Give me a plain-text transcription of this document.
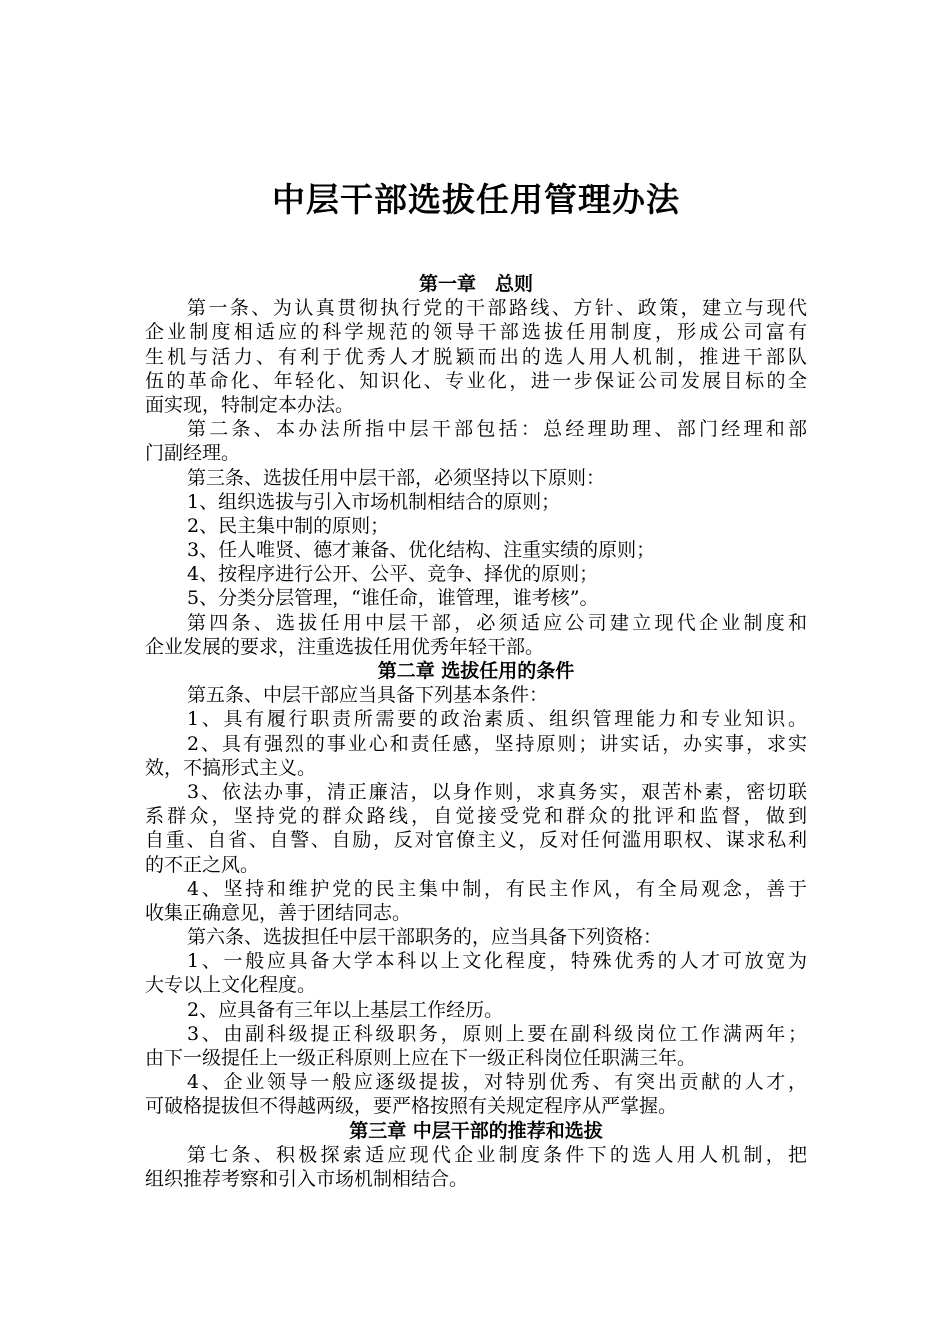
中层干部选拔任用管理办法
第一章　总则
第一条、为认真贯彻执行党的干部路线、方针、政策，建立与现代
企业制度相适应的科学规范的领导干部选拔任用制度，形成公司富有
生机与活力、有利于优秀人才脱颖而出的选人用人机制，推进干部队
伍的革命化、年轻化、知识化、专业化，进一步保证公司发展目标的全
面实现，特制定本办法。
第二条、本办法所指中层干部包括：总经理助理、部门经理和部
门副经理。
第三条、选拔任用中层干部，必须坚持以下原则：
1、组织选拔与引入市场机制相结合的原则；
2、民主集中制的原则；
3、任人唯贤、德才兼备、优化结构、注重实绩的原则；
4、按程序进行公开、公平、竞争、择优的原则；
5、分类分层管理，“谁任命，谁管理，谁考核”。
第四条、选拔任用中层干部，必须适应公司建立现代企业制度和
企业发展的要求，注重选拔任用优秀年轻干部。
第二章 选拔任用的条件
第五条、中层干部应当具备下列基本条件：
1、具有履行职责所需要的政治素质、组织管理能力和专业知识。
2、具有强烈的事业心和责任感，坚持原则；讲实话，办实事，求实
效，不搞形式主义。
3、依法办事，清正廉洁，以身作则，求真务实，艰苦朴素，密切联
系群众，坚持党的群众路线，自觉接受党和群众的批评和监督，做到
自重、自省、自警、自励，反对官僚主义，反对任何滥用职权、谋求私利
的不正之风。
4、坚持和维护党的民主集中制，有民主作风，有全局观念，善于
收集正确意见，善于团结同志。
第六条、选拔担任中层干部职务的，应当具备下列资格：
1、一般应具备大学本科以上文化程度，特殊优秀的人才可放宽为
大专以上文化程度。
2、应具备有三年以上基层工作经历。
3、由副科级提正科级职务，原则上要在副科级岗位工作满两年；
由下一级提任上一级正科原则上应在下一级正科岗位任职满三年。
4、企业领导一般应逐级提拔，对特别优秀、有突出贡献的人才，
可破格提拔但不得越两级，要严格按照有关规定程序从严掌握。
第三章 中层干部的推荐和选拔
第七条、积极探索适应现代企业制度条件下的选人用人机制，把
组织推荐考察和引入市场机制相结合。
